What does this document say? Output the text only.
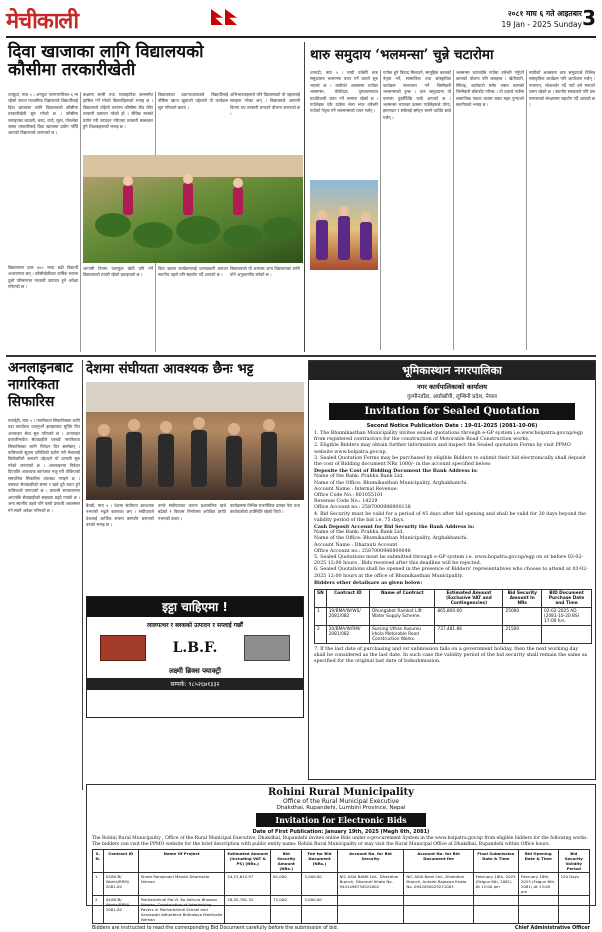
मेचीकाली	२०८१ माघ ६ गते आइतबार
19 Jan - 2025 Sunday 3
दिवा खाजाका लागि विद्यालयको
कौसीमा तरकारीखेती
धनकुटा, माघ ५ । अनघुटा जनगणालिका–६ मा रहेको जनता माध्यमिक विद्यालयले विद्यार्थीलाई दिवा खाजाका लागि विद्यालयको कौसीमा तरकारीखेती सुरु गरेको छ । कौसीमा लगाइएका काउली, बन्दा, रायो, मूला, गोलभेडा जस्ता तरकारीलाई दिवा खाजामा प्रयोग गरिँदै आएको विद्यालयले जनाएको छ ।
कक्षामा सामी तथा व्यावहारिक ज्ञानसमेत हासिल गर्ने गरेको विद्यार्थीहरूको भनाइ छ । विद्यालयले पहिलो चरणमा कौसीमा बीउ रोपेर तरकारी उत्पादन गरेको हो । जैविक मलको प्रयोग गरी उत्पादन गरिएका तरकारी स्वस्थकर हुने शिक्षकहरूको भनाइ छ ।
विद्यालयका प्रधानाध्यापकले विद्यार्थीलाई पौष्टिक खाना खुवाउने उद्देश्यले यो कार्यक्रम सुरु गरिएको बताए ।
अभिभावकहरूले पनि विद्यालयको यो पहललाई सराहना गरेका छन् । विद्यालयले आगामी दिनमा थप तरकारी लगाउने योजना बनाएको छ ।
विद्यालयमा हाल ४०० भन्दा बढी विद्यार्थी अध्ययनरत छन् । कौसीखेतीबाट वार्षिक रूपमा ठूलो परिमाणमा तरकारी उत्पादन हुने अपेक्षा गरिएको छ ।
आगामी दिनमा फलफूल खेती पनि गर्ने विद्यालयको तयारी रहेको बताइएको छ ।
दिवा खाजा कार्यक्रमलाई प्रभावकारी बनाउन स्थानीय तहले पनि सहयोग गर्दै आएको छ ।
विद्यालयको यो अभ्यास अन्य विद्यालयका लागि पनि अनुकरणीय बनेको छ ।
थारु समुदाय ‘भलमन्सा’ चुन्ने चटारोमा
धनगढी, माघ ५ । माघी पर्वसँगै थारु समुदायमा भलमन्सा चयन गर्ने चटारो सुरु भएको छ । माघीको अवसरमा गाउँका भलमन्सा, चौकीदार, गुरुवालगायत पदाधिकारी चयन गर्ने परम्परा रहेको छ । गाउँलेहरू एकै ठाउँमा भेला भएर वर्षभरि गाउँको नेतृत्व गर्ने भलमन्साको चयन गर्छन् ।
गाउँमा हुने विवाद मिलाउने, सामूहिक कामको नेतृत्व गर्ने, सामाजिक तथा सांस्कृतिक कार्यक्रम सञ्चालन गर्ने जिम्मेवारी भलमन्साको हुन्छ । थारु समुदायमा यो परम्परा पुस्तौँदेखि चल्दै आएको छ । भलमन्सा चयनका क्रममा गाउँलेहरूले योग्य, इमानदार र सबैलाई समेट्न सक्ने व्यक्ति छान्ने गर्छन् ।
भलमन्सा चयनपछि गाउँमा वर्षभरि गर्नुपर्ने कामको योजना पनि बनाइन्छ । खेतीपाती, सिँचाइ, बाटोघाटो मर्मत जस्ता कामको जिम्मेवारी बाँडफाँट गरिन्छ । यो प्रथाले गाउँमा सामाजिक एकता कायम राख्न मद्दत पुर्‍याउने स्थानीयको भनाइ छ ।
माघीको अवसरमा थारु समुदायले विभिन्न सांस्कृतिक कार्यक्रम पनि आयोजना गर्छन् । नाचगान, भोजभतेर गर्दै नयाँ वर्ष मनाउने चलन रहेको छ । स्थानीय सरकारले पनि यस परम्पराको संरक्षणमा सहयोग गर्दै आएको छ ।
अनलाइनबाट
नागरिकता
सिफारिस
रुपन्देही, माघ ५ । नागरिकता सिफारिसका लागि वडा कार्यालय धाउनुपर्ने झन्झटबाट मुक्ति दिन अनलाइन सेवा सुरु गरिएको छ । अनलाइन प्रणालीमार्फत सेवाग्राहीले घरबाटै नागरिकता सिफारिसका लागि निवेदन दिन सक्नेछन् । पालिकाले सूचना प्रविधिको प्रयोग गरी सेवालाई छिटोछरितो बनाउने उद्देश्यले यो प्रणाली सुरु गरेको जनाएको छ । अनलाइनमा निवेदन दिएपछि आवश्यक कागजात रुजु गरी तोकिएको समयभित्र सिफारिस उपलब्ध गराइने छ । यसबाट सेवाग्राहीको समय र खर्च दुवै बचत हुने पालिकाले जनाएको छ । प्रणाली सञ्चालनमा आएपछि सेवाग्राहीको सङ्ख्या बढ्दै गएको छ । अन्य स्थानीय तहले पनि यस्तो प्रणाली अवलम्बन गर्न सक्ने अपेक्षा गरिएको छ ।
देशमा संघीयता आवश्यक छैनः भट्ट
बैतडी, माघ ५ । देशमा संघीयता आवश्यक नभएको भट्टले बताएका छन् । संघीयताले देशलाई आर्थिक रूपमा कमजोर बनाएको उनको भनाइ छ ।
उनले संघीयताका कारण प्रशासनिक खर्च बढेको र विकास निर्माणमा अपेक्षित प्रगति नभएको बताए ।
कार्यक्रममा विभिन्न राजनीतिक दलका नेता तथा कार्यकर्ताको उपस्थिति रहेको थियो ।
इट्टा चाहिएमा !
लालपत्थर र ब्लकको उत्पादन र सप्लाई गर्छौं
L.B.F.
लक्ष्मी ब्रिक्स फ्याक्ट्री
सम्पर्क: ९८५२६७१३३२
भूमिकास्थान नगरपालिका
नगर कार्यपालिकाको कार्यालय
गुल्मीनडाँडा, अर्घाखाँची, लुम्बिनी प्रदेश, नेपाल
Invitation for Sealed Quotation
Second Notice Publication Date : 19-01-2025 (2081-10-06)
1. The Bhumikasthan Municipality invites sealed quotations through e-GP system i.e.www.bolpatra.gov.np/egp from registered contractors for the construction of Motorable Road Construction works.
2. Eligible Bidders may obtain further information and inspect the Sealed quotation Forms by visit PPMO website www.bolpatra.gov.np.
3. Sealed Quotation Forms may be purchased by eligible Bidders to submit their bid electronically shall deposit the cost of Bidding document NRs 1000/- in the account specified below:
Deposite the Cost of Bidding Document the Bank Address is:
Name of the Bank: Prabhu Bank Ltd.
Name of the Office: Bhumikasthan Municipality, Arghakhanchi.
Account Name : Internal Revenue.
Office Code No.: 801055101
Revenue Code No.: 14229
Office Account no.: 2587000986800138
4. Bid Security must be valid for a period of 45 days after bid opening and shall be valid for 30 days beyond the validity period of the bid i.e. 75 days.
Cash Deposit Account for Bid Security the Bank Address is:
Name of the Bank: Prabhu Bank Ltd.
Name of the Office: Bhumikasthan Municipality, Arghakhanchi.
Account Name : Dharauti Account
Office Account no.: 2587000986800048
5. Sealed Quotations must be submitted through e-GP system i.e. www.bopatra.gov.np/egp on or before 03-02-2025 12:00 hours . Bids received after this deadline will be rejected.
6. Sealed Quotations shall be opened in the presence of Bidders' representatives who choose to attend at 03-02-2025 12:00 hours at the office of Bhumikasthan Municipality.
Bidders other detailsare as given below:
SN	Contract ID	Name of Contract	Estimated Amount (Exclusive VAT and Contingencies)	Bid Security Amount In NRs	BID Document Purchase Date and Time
1	19/BMA/W/WS/ 2081/082	Dhungabot Ramkot Lift Water Supply Scheme.	865,800.00	25000	02-02-2025 AD (2081-10-20 BS) 17:00 hrs.
2	20/BMA/W/RM/ 2081/082	Sursing Uthan Kusumu khola Motorable Road Construction Works.	737,481.86	21500	
7. If the last date of purchasing and /or submission falls on a government holiday, then the next working day shall be considered as the last date. In such case the validity period of the bid security shall remain the same as specified for the original last date of bidsubmission.
Rohini Rural Municipality
Office of the Rural Municipal Executive
Dhakdhai, Rupandehi, Lumbini Province, Nepal
Invitation for Electronic Bids
Date of First Publication: January 19th, 2025 (Magh 6th, 2081)
The Rohini Rural Municipality , Office of the Rural Municipal Executive, Dhakdhai, Rupandehi invites online Bids under e-procurement System in the www.bolpatra.gov.np from eligible bidders for the following works. The bidders can visit the PPMO website for the brief description with public entity name: Rohini Rural Municipality or may visit the Rural Municipal Office at Dhakdhai, Rupandehi within Office hours.
S. N.	Contract ID	Name Of Project	Estimated Amount (Including VAT & PS) (NRs.)	Bid Security Amount (NRs.)	Fee for Bid Document (NRs.)	Account No. for Bid Security	Account No. for Bid Document fee	Final Submission Date & Time	Bid Opening Date & Time	Bid Security Validity Period
1	03/NCB/ Works/RRM/ 2081-82	Shree Ramjanaki Mandir Dhamsala Nirman	24,15,615.97	61,000	3,000.00	NIC ASIA BANK Ltd., Dhakdhai Branch, Dharauti Khata No. 9441498734524002	NIC ASIA Bank Ltd., Dhakdhai Branch, Antarik Rajaswa Khata No. 0942050029211003	February 18th, 2025 (Falgun 6th, 2081) At 12:00 pm	February 18th, 2025 (Falgun 6th, 2081) At 13:00 pm	120 Days
2	04/NCB/ Works/RRM/ 2081-82	Pokharbhindi Ma.Vi. Ko Adhuro Bhawan Nirman, Construction of Interlocking Pavers in Pokharbhindi School and Saraswati Adharbhut Bidhalaya Mahthalla Nirman	28,50,761.32	72,000	3,000.00					
Bidders are instructed to read the corresponding Bid Document carefully before the submission of bid.	Chief Administrative Officer
